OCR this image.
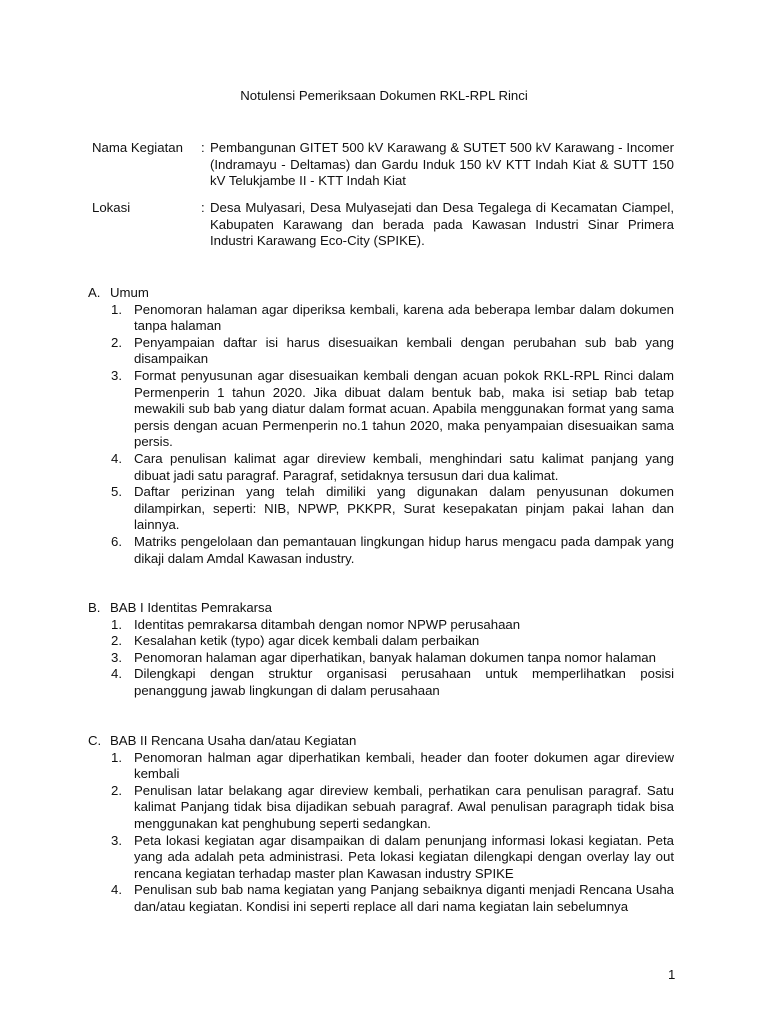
Notulensi Pemeriksaan Dokumen RKL-RPL Rinci
Nama Kegiatan	: Pembangunan GITET 500 kV Karawang & SUTET 500 kV Karawang - Incomer (Indramayu - Deltamas) dan Gardu Induk 150 kV KTT Indah Kiat & SUTT 150 kV Telukjambe II - KTT Indah Kiat
Lokasi	: Desa Mulyasari, Desa Mulyasejati dan Desa Tegalega di Kecamatan Ciampel, Kabupaten Karawang dan berada pada Kawasan Industri Sinar Primera Industri Karawang Eco-City (SPIKE).
A. Umum
1. Penomoran halaman agar diperiksa kembali, karena ada beberapa lembar dalam dokumen tanpa halaman
2. Penyampaian daftar isi harus disesuaikan kembali dengan perubahan sub bab yang disampaikan
3. Format penyusunan agar disesuaikan kembali dengan acuan pokok RKL-RPL Rinci dalam Permenperin 1 tahun 2020. Jika dibuat dalam bentuk bab, maka isi setiap bab tetap mewakili sub bab yang diatur dalam format acuan. Apabila menggunakan format yang sama persis dengan acuan Permenperin no.1 tahun 2020, maka penyampaian disesuaikan sama persis.
4. Cara penulisan kalimat agar direview kembali, menghindari satu kalimat panjang yang dibuat jadi satu paragraf. Paragraf, setidaknya tersusun dari dua kalimat.
5. Daftar perizinan yang telah dimiliki yang digunakan dalam penyusunan dokumen dilampirkan, seperti: NIB, NPWP, PKKPR, Surat kesepakatan pinjam pakai lahan dan lainnya.
6. Matriks pengelolaan dan pemantauan lingkungan hidup harus mengacu pada dampak yang dikaji dalam Amdal Kawasan industry.
B. BAB I Identitas Pemrakarsa
1. Identitas pemrakarsa ditambah dengan nomor NPWP perusahaan
2. Kesalahan ketik (typo) agar dicek kembali dalam perbaikan
3. Penomoran halaman agar diperhatikan, banyak halaman dokumen tanpa nomor halaman
4. Dilengkapi dengan struktur organisasi perusahaan untuk memperlihatkan posisi penanggung jawab lingkungan di dalam perusahaan
C. BAB II Rencana Usaha dan/atau Kegiatan
1. Penomoran halman agar diperhatikan kembali, header dan footer dokumen agar direview kembali
2. Penulisan latar belakang agar direview kembali, perhatikan cara penulisan paragraf. Satu kalimat Panjang tidak bisa dijadikan sebuah paragraf. Awal penulisan paragraph tidak bisa menggunakan kat penghubung seperti sedangkan.
3. Peta lokasi kegiatan agar disampaikan di dalam penunjang informasi lokasi kegiatan. Peta yang ada adalah peta administrasi. Peta lokasi kegiatan dilengkapi dengan overlay lay out rencana kegiatan terhadap master plan Kawasan industry SPIKE
4. Penulisan sub bab nama kegiatan yang Panjang sebaiknya diganti menjadi Rencana Usaha dan/atau kegiatan. Kondisi ini seperti replace all dari nama kegiatan lain sebelumnya
1
